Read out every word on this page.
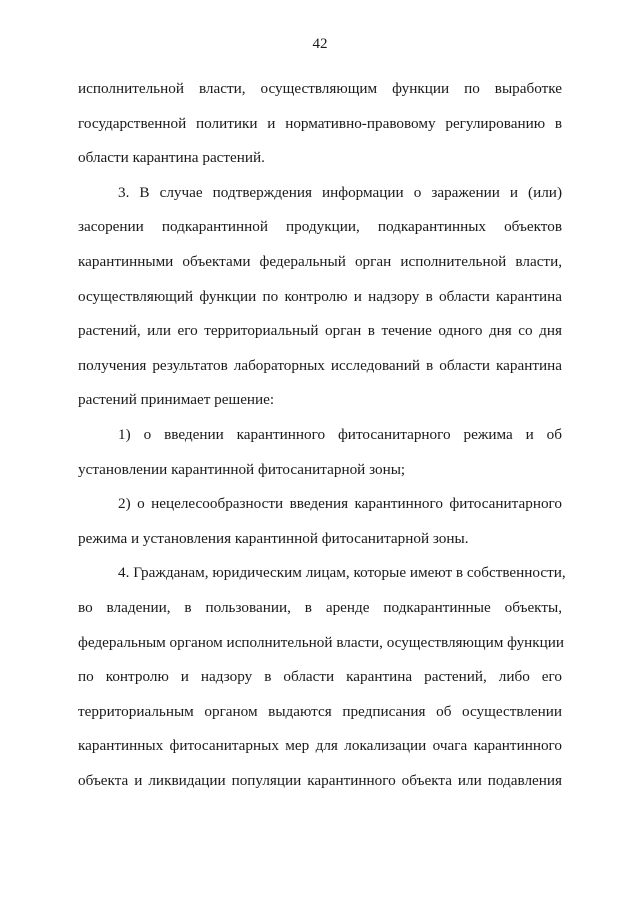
42
исполнительной власти, осуществляющим функции по выработке
государственной политики и нормативно-правовому регулированию в
области карантина растений.
3. В случае подтверждения информации о заражении и (или)
засорении подкарантинной продукции, подкарантинных объектов
карантинными объектами федеральный орган исполнительной власти,
осуществляющий функции по контролю и надзору в области карантина
растений, или его территориальный орган в течение одного дня со дня
получения результатов лабораторных исследований в области карантина
растений принимает решение:
1) о введении карантинного фитосанитарного режима и об
установлении карантинной фитосанитарной зоны;
2) о нецелесообразности введения карантинного фитосанитарного
режима и установления карантинной фитосанитарной зоны.
4. Гражданам, юридическим лицам, которые имеют в собственности,
во владении, в пользовании, в аренде подкарантинные объекты,
федеральным органом исполнительной власти, осуществляющим функции
по контролю и надзору в области карантина растений, либо его
территориальным органом выдаются предписания об осуществлении
карантинных фитосанитарных мер для локализации очага карантинного
объекта и ликвидации популяции карантинного объекта или подавления
